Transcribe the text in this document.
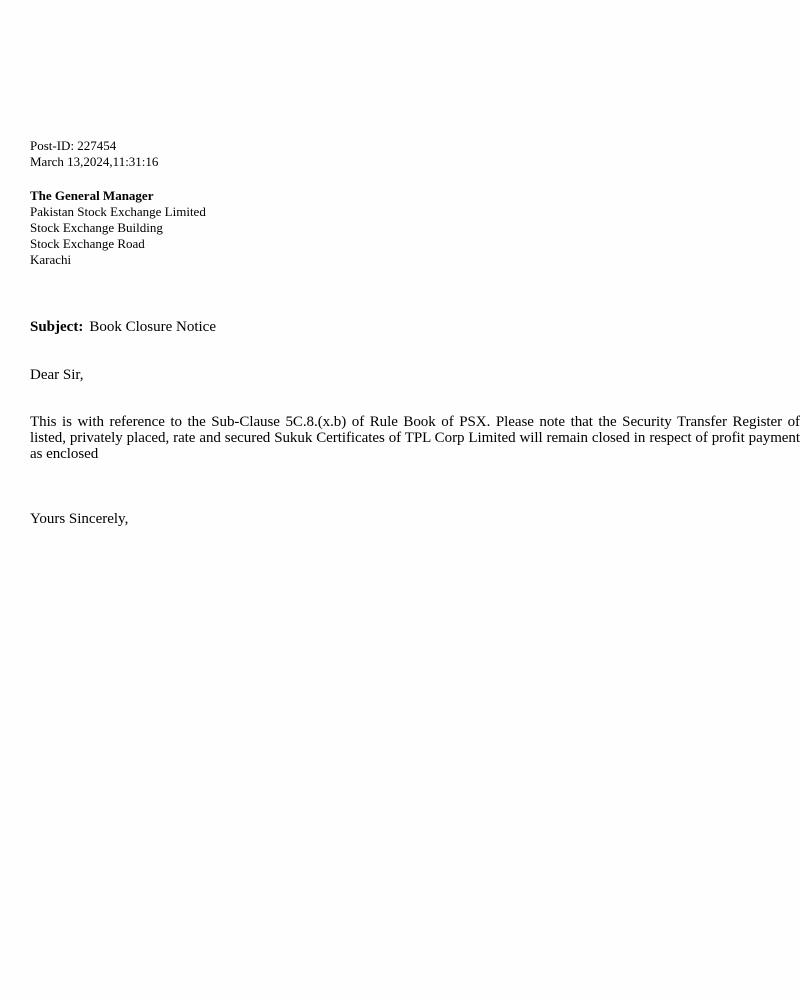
Post-ID: 227454
March 13,2024,11:31:16
The General Manager
Pakistan Stock Exchange Limited
Stock Exchange Building
Stock Exchange Road
Karachi
Subject: Book Closure Notice
Dear Sir,
This is with reference to the Sub-Clause 5C.8.(x.b) of Rule Book of PSX. Please note that the Security Transfer Register of listed, privately placed, rate and secured Sukuk Certificates of TPL Corp Limited will remain closed in respect of profit payment as enclosed
Yours Sincerely,
